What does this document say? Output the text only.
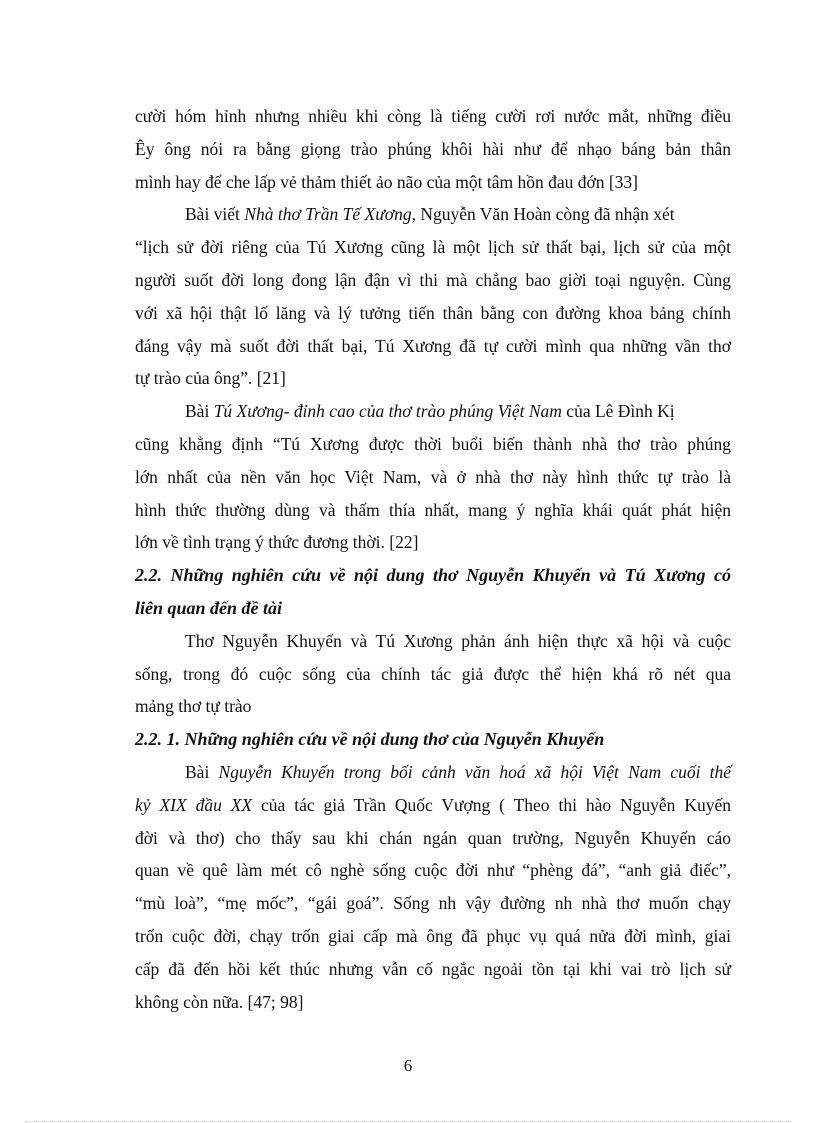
cười hóm hỉnh nhưng nhiều khi còng là tiếng cười rơi nước mắt, những điều
Êy ông nói ra bằng giọng trào phúng khôi hài như để nhạo báng bản thân
mình hay để che lấp vẻ thảm thiết ảo não của một tâm hồn đau đớn [33]

Bài viết Nhà thơ Trần Tế Xương, Nguyễn Văn Hoàn còng đã nhận xét
“lịch sử đời riêng của Tú Xương cũng là một lịch sử thất bại, lịch sử của một
người suốt đời long đong lận đận vì thi mà chẳng bao giời toại nguyện. Cùng
với xã hội thật lố lăng và lý tưởng tiến thân bằng con đường khoa bảng chính
đáng vậy mà suốt đời thất bại, Tú Xương đã tự cười mình qua những vần thơ
tự trào của ông”. [21]

Bài Tú Xương- đỉnh cao của thơ trào phúng Việt Nam của Lê Đình Kị
cũng khẳng định “Tú Xương được thời buổi biến thành nhà thơ trào phúng
lớn nhất của nền văn học Việt Nam, và ở nhà thơ này hình thức tự trào là
hình thức thường dùng và thấm thía nhất, mang ý nghĩa khái quát phát hiện
lớn về tình trạng ý thức đương thời. [22]

2.2. Những nghiên cứu về nội dung thơ Nguyễn Khuyến và Tú Xương có
liên quan đến đề tài

Thơ Nguyễn Khuyến và Tú Xương phản ánh hiện thực xã hội và cuộc
sống, trong đó cuộc sống của chính tác giả được thể hiện khá rõ nét qua
mảng thơ tự trào

2.2. 1. Những nghiên cứu về nội dung thơ của Nguyễn Khuyến

Bài Nguyễn Khuyến trong bối cảnh văn hoá xã hội Việt Nam cuối thế
kỷ XIX đầu XX của tác giả Trần Quốc Vượng ( Theo thi hào Nguyễn Kuyến
đời và thơ) cho thấy sau khi chán ngán quan trường, Nguyễn Khuyến cáo
quan về quê làm mét cô nghè sống cuộc đời như “phèng đá”, “anh giả điếc”,
“mù loà”, “mẹ mốc”, “gái goá”. Sống nh vậy đường nh nhà thơ muốn chạy
trốn cuộc đời, chạy trốn giai cấp mà ông đã phục vụ quá nửa đời mình, giai
cấp đã đến hồi kết thúc nhưng vẫn cố ngắc ngoải tồn tại khi vai trò lịch sử
không còn nữa. [47; 98]

6
